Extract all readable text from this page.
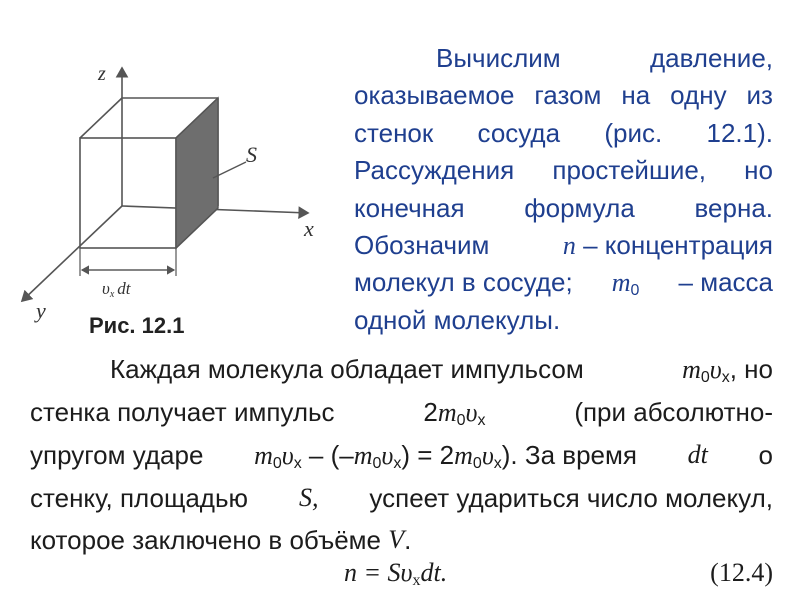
z
x
y
S
υx dt
Рис. 12.1
Вычислим	давление,
оказываемое газом на одну из
стенок сосуда (рис. 12.1).
Рассуждения простейшие, но
конечная формула верна.
Обозначим	n – концентрация
молекул в сосуде; $m_0$ – масса
одной молекулы.
Каждая молекула обладает импульсом	$m_0\upsilon_x$, но
стенка получает импульс	$2m_0\upsilon_x$	(при абсолютно-
упругом ударе $m_0\upsilon_x - (-m_0\upsilon_x) = 2m_0\upsilon_x$). За время dt о
стенку, площадью S, успеет удариться число молекул,
которое заключено в объёме
V .
$n = S\upsilon_xdt$.	(12.4)
